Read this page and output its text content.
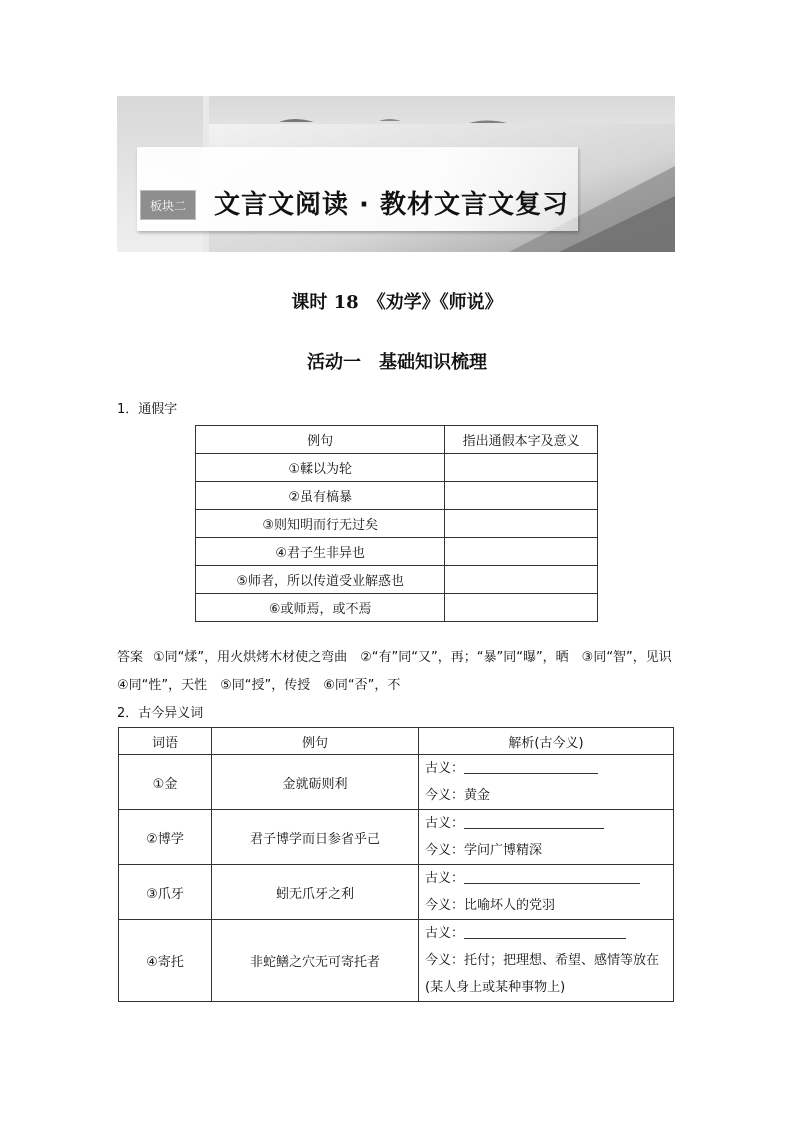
板块二	文言文阅读 · 教材文言文复习
课时 18　《劝学》《师说》
活动一　基础知识梳理
1．通假字
例句	指出通假本字及意义
①輮以为轮	
②虽有槁暴	
③则知明而行无过矣	
④君子生非异也	
⑤师者，所以传道受业解惑也	
⑥或师焉，或不焉	
答案 ①同“煣”，用火烘烤木材使之弯曲　②“有”同“又”，再；“暴”同“曝”，晒　③同“智”，见识　④同“性”，天性　⑤同“授”，传授　⑥同“否”，不
2．古今异义词
词语	例句	解析(古今义)
①金	金就砺则利	古义：
今义：黄金

②博学	君子博学而日参省乎己	古义：
今义：学问广博精深

③爪牙	蚓无爪牙之利	古义：
今义：比喻坏人的党羽

④寄托	非蛇鳝之穴无可寄托者	古义：
今义：托付；把理想、希望、感情等放在(某人身上或某种事物上)
